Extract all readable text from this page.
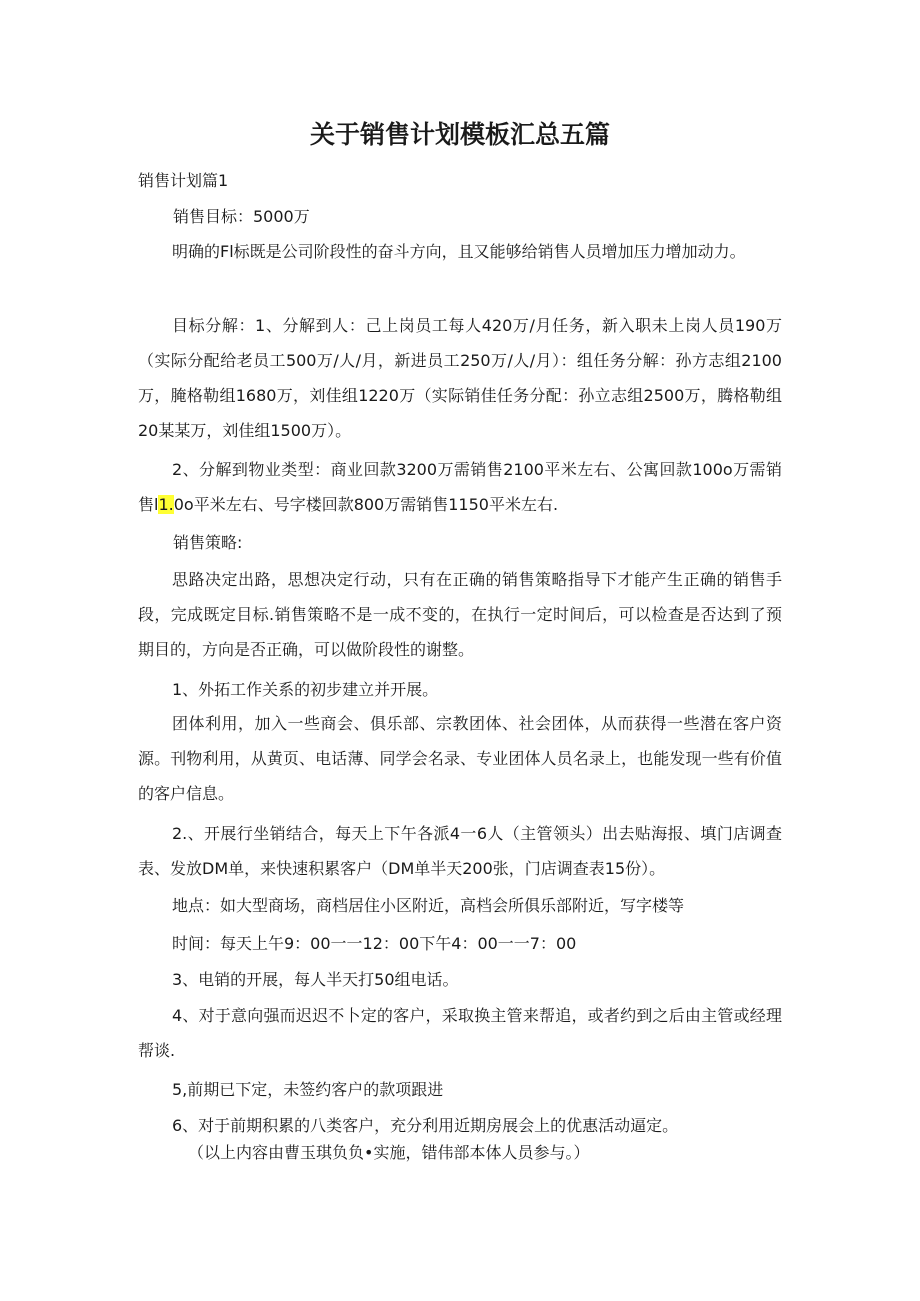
关于销售计划模板汇总五篇
销售计划篇1
销售目标：5000万
明确的Fl标既是公司阶段性的奋斗方向，且又能够给销售人员增加压力增加动力。
目标分解：1、分解到人：己上岗员工每人420万/月任务，新入职未上岗人员190万（实际分配给老员工500万/人/月，新进员工250万/人/月）：组任务分解：孙方志组2100万，腌格勒组1680万，刘佳组1220万（实际销佳任务分配：孙立志组2500万，腾格勒组20某某万，刘佳组1500万）。
2、分解到物业类型：商业回款3200万需销售2100平米左右、公寓回款100o万需销售l1.0o平米左右、号字楼回款800万需销售1150平米左右.
销售策略:
思路决定出路，思想决定行动，只有在正确的销售策略指导下才能产生正确的销售手段，完成既定目标.销售策略不是一成不变的，在执行一定时间后，可以检查是否达到了预期目的，方向是否正确，可以做阶段性的谢整。
1、外拓工作关系的初步建立并开展。
团体利用，加入一些商会、俱乐部、宗教团体、社会团体，从而获得一些潜在客户资源。刊物利用，从黄页、电话薄、同学会名录、专业团体人员名录上，也能发现一些有价值的客户信息。
2.、开展行坐销结合，每天上下午各派4一6人（主管领头）出去贴海报、填门店调查表、发放DM单，来快速积累客户（DM单半天200张，门店调查表15份）。
地点：如大型商场，商档居住小区附近，高档会所俱乐部附近，写字楼等
时间：每天上午9：00一一12：00下午4：00一一7：00
3、电销的开展，每人半天打50组电话。
4、对于意向强而迟迟不卜定的客户，采取换主管来帮追，或者约到之后由主管或经理帮谈.
5,前期已下定，未签约客户的款项跟进
6、对于前期积累的八类客户，充分利用近期房展会上的优惠活动逼定。
（以上内容由曹玉琪负负•实施，错伟部本体人员参与。）
